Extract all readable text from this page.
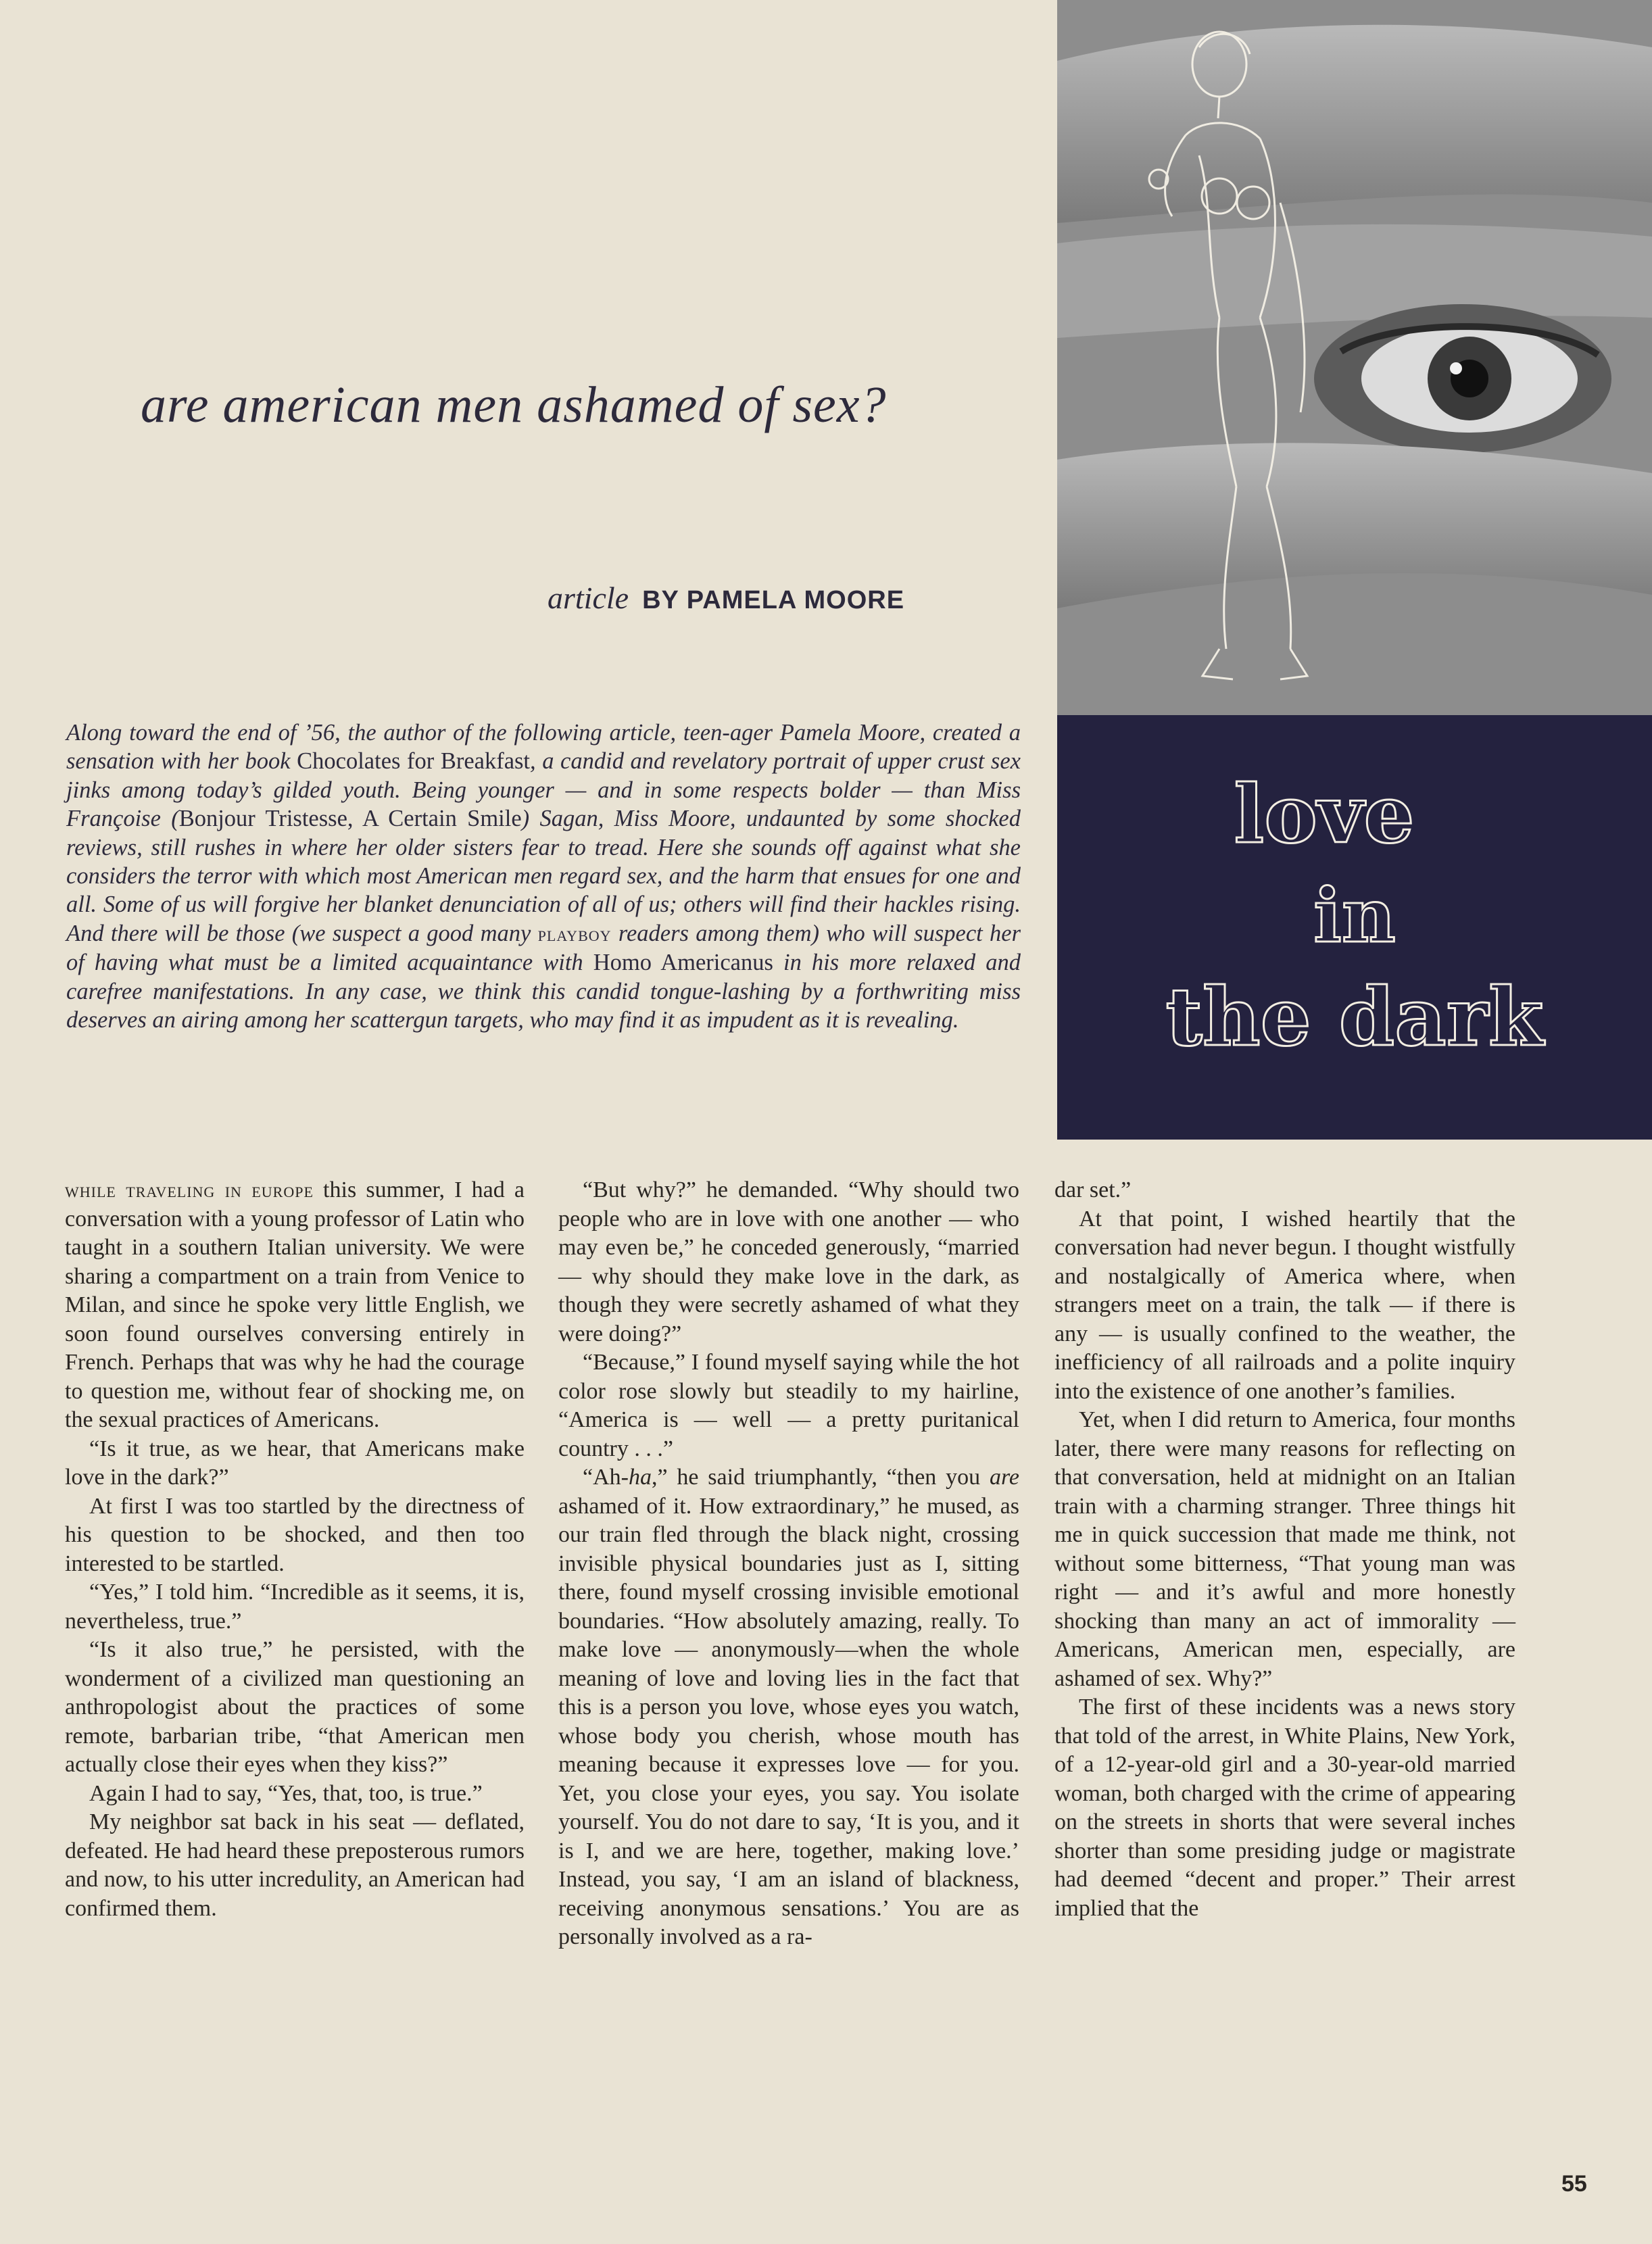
love
in
the dark
are american men ashamed of sex?
article BY PAMELA MOORE
Along toward the end of ’56, the author of the following article, teen-ager Pamela Moore, created a sensation with her book Chocolates for Breakfast, a candid and revelatory portrait of upper crust sex jinks among today’s gilded youth. Being younger — and in some respects bolder — than Miss Françoise (Bonjour Tristesse, A Certain Smile) Sagan, Miss Moore, undaunted by some shocked reviews, still rushes in where her older sisters fear to tread. Here she sounds off against what she considers the terror with which most American men regard sex, and the harm that ensues for one and all. Some of us will forgive her blanket denunciation of all of us; others will find their hackles rising. And there will be those (we suspect a good many playboy readers among them) who will suspect her of having what must be a limited acquaintance with Homo Americanus in his more relaxed and carefree manifestations. In any case, we think this candid tongue-lashing by a forthwriting miss deserves an airing among her scattergun targets, who may find it as impudent as it is revealing.

while traveling in europe this summer, I had a conversation with a young professor of Latin who taught in a southern Italian university. We were sharing a compartment on a train from Venice to Milan, and since he spoke very little English, we soon found ourselves conversing entirely in French. Perhaps that was why he had the courage to question me, without fear of shocking me, on the sexual practices of Americans.

“Is it true, as we hear, that Americans make love in the dark?”

At first I was too startled by the directness of his question to be shocked, and then too interested to be startled.

“Yes,” I told him. “Incredible as it seems, it is, nevertheless, true.”

“Is it also true,” he persisted, with the wonderment of a civilized man questioning an anthropologist about the practices of some remote, barbarian tribe, “that American men actually close their eyes when they kiss?”

Again I had to say, “Yes, that, too, is true.”

My neighbor sat back in his seat — deflated, defeated. He had heard these preposterous rumors and now, to his utter incredulity, an American had confirmed them.

“But why?” he demanded. “Why should two people who are in love with one another — who may even be,” he conceded generously, “married — why should they make love in the dark, as though they were secretly ashamed of what they were doing?”

“Because,” I found myself saying while the hot color rose slowly but steadily to my hairline, “America is — well — a pretty puritanical country . . .”

“Ah-ha,” he said triumphantly, “then you are ashamed of it. How extraordinary,” he mused, as our train fled through the black night, crossing invisible physical boundaries just as I, sitting there, found myself crossing invisible emotional boundaries. “How absolutely amazing, really. To make love — anonymously—when the whole meaning of love and loving lies in the fact that this is a person you love, whose eyes you watch, whose body you cherish, whose mouth has meaning because it expresses love — for you. Yet, you close your eyes, you say. You isolate yourself. You do not dare to say, ‘It is you, and it is I, and we are here, together, making love.’ Instead, you say, ‘I am an island of blackness, receiving anonymous sensations.’ You are as personally involved as a ra-

dar set.”

At that point, I wished heartily that the conversation had never begun. I thought wistfully and nostalgically of America where, when strangers meet on a train, the talk — if there is any — is usually confined to the weather, the inefficiency of all railroads and a polite inquiry into the existence of one another’s families.

Yet, when I did return to America, four months later, there were many reasons for reflecting on that conversation, held at midnight on an Italian train with a charming stranger. Three things hit me in quick succession that made me think, not without some bitterness, “That young man was right — and it’s awful and more honestly shocking than many an act of immorality — Americans, American men, especially, are ashamed of sex. Why?”

The first of these incidents was a news story that told of the arrest, in White Plains, New York, of a 12-year-old girl and a 30-year-old married woman, both charged with the crime of appearing on the streets in shorts that were several inches shorter than some presiding judge or magistrate had deemed “decent and proper.” Their arrest implied that the

55
